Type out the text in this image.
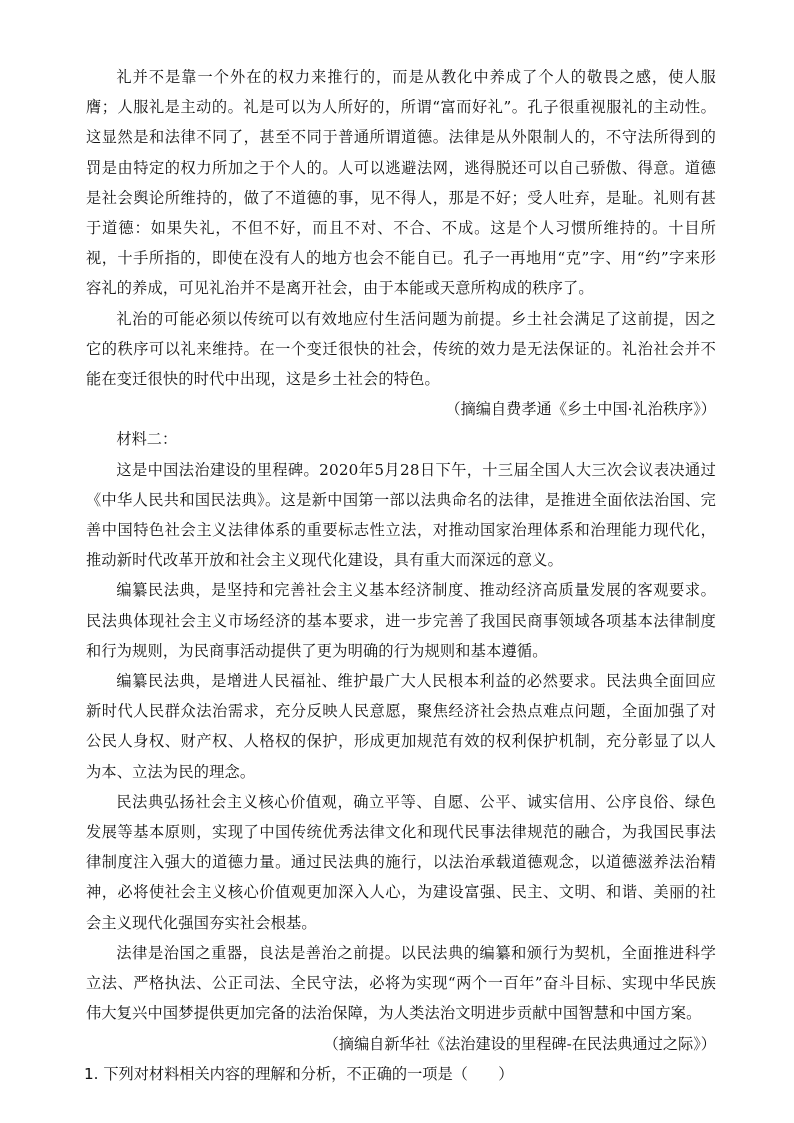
礼并不是靠一个外在的权力来推行的，而是从教化中养成了个人的敬畏之感，使人服膺；人服礼是主动的。礼是可以为人所好的，所谓“富而好礼”。孔子很重视服礼的主动性。这显然是和法律不同了，甚至不同于普通所谓道德。法律是从外限制人的，不守法所得到的罚是由特定的权力所加之于个人的。人可以逃避法网，逃得脱还可以自己骄傲、得意。道德是社会舆论所维持的，做了不道德的事，见不得人，那是不好；受人吐弃，是耻。礼则有甚于道德：如果失礼，不但不好，而且不对、不合、不成。这是个人习惯所维持的。十目所视，十手所指的，即使在没有人的地方也会不能自已。孔子一再地用“克”字、用“约”字来形容礼的养成，可见礼治并不是离开社会，由于本能或天意所构成的秩序了。

礼治的可能必须以传统可以有效地应付生活问题为前提。乡土社会满足了这前提，因之它的秩序可以礼来维持。在一个变迁很快的社会，传统的效力是无法保证的。礼治社会并不能在变迁很快的时代中出现，这是乡土社会的特色。

（摘编自费孝通《乡土中国·礼治秩序》）

材料二：

这是中国法治建设的里程碑。2020年5月28日下午，十三届全国人大三次会议表决通过《中华人民共和国民法典》。这是新中国第一部以法典命名的法律，是推进全面依法治国、完善中国特色社会主义法律体系的重要标志性立法，对推动国家治理体系和治理能力现代化，推动新时代改革开放和社会主义现代化建设，具有重大而深远的意义。

编纂民法典，是坚持和完善社会主义基本经济制度、推动经济高质量发展的客观要求。民法典体现社会主义市场经济的基本要求，进一步完善了我国民商事领域各项基本法律制度和行为规则，为民商事活动提供了更为明确的行为规则和基本遵循。

编纂民法典，是增进人民福祉、维护最广大人民根本利益的必然要求。民法典全面回应新时代人民群众法治需求，充分反映人民意愿，聚焦经济社会热点难点问题，全面加强了对公民人身权、财产权、人格权的保护，形成更加规范有效的权利保护机制，充分彰显了以人为本、立法为民的理念。

民法典弘扬社会主义核心价值观，确立平等、自愿、公平、诚实信用、公序良俗、绿色发展等基本原则，实现了中国传统优秀法律文化和现代民事法律规范的融合，为我国民事法律制度注入强大的道德力量。通过民法典的施行，以法治承载道德观念，以道德滋养法治精神，必将使社会主义核心价值观更加深入人心，为建设富强、民主、文明、和谐、美丽的社会主义现代化强国夯实社会根基。

法律是治国之重器，良法是善治之前提。以民法典的编纂和颁行为契机，全面推进科学立法、严格执法、公正司法、全民守法，必将为实现“两个一百年”奋斗目标、实现中华民族伟大复兴中国梦提供更加完备的法治保障，为人类法治文明进步贡献中国智慧和中国方案。

（摘编自新华社《法治建设的里程碑-在民法典通过之际》）

1. 下列对材料相关内容的理解和分析，不正确的一项是（　　）
